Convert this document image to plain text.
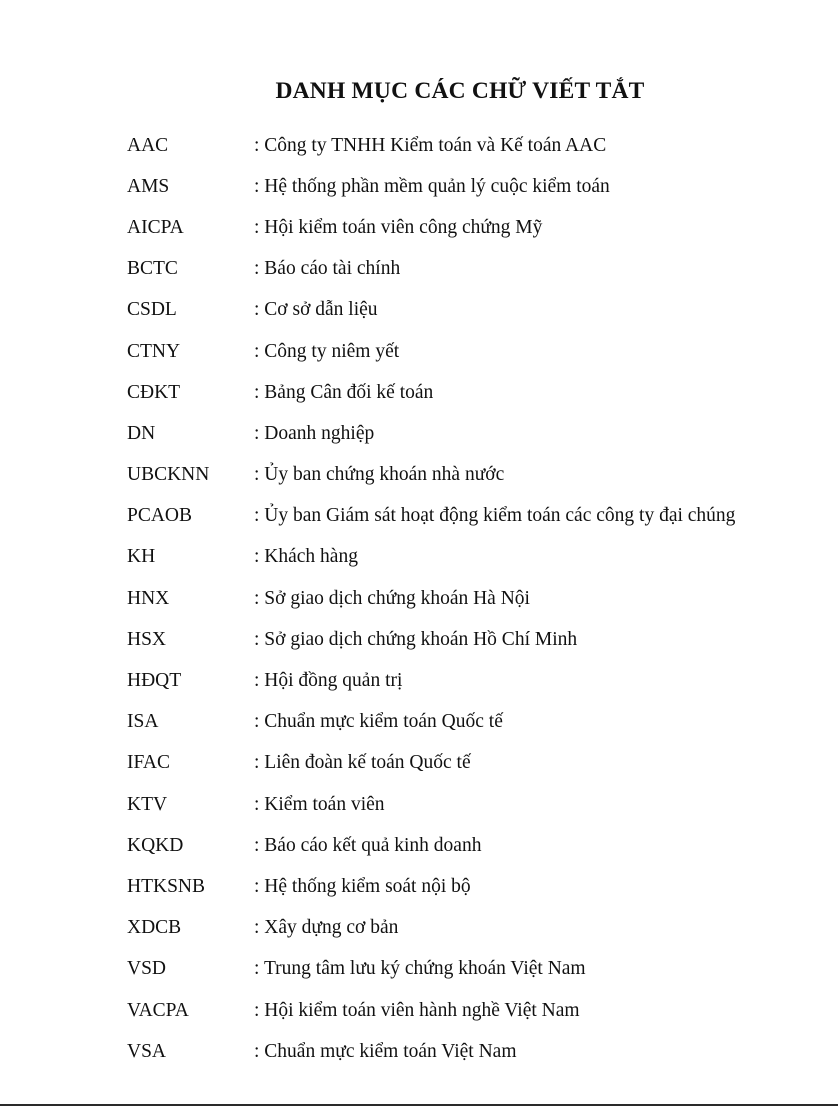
DANH MỤC CÁC CHỮ VIẾT TẮT
AAC	: Công ty TNHH Kiểm toán và Kế toán AAC
AMS	: Hệ thống phần mềm quản lý cuộc kiểm toán
AICPA	: Hội kiểm toán viên công chứng Mỹ
BCTC	: Báo cáo tài chính
CSDL	: Cơ sở dẫn liệu
CTNY	: Công ty niêm yết
CĐKT	: Bảng Cân đối kế toán
DN	: Doanh nghiệp
UBCKNN	: Ủy ban chứng khoán nhà nước
PCAOB	: Ủy ban Giám sát hoạt động kiểm toán các công ty đại chúng
KH	: Khách hàng
HNX	: Sở giao dịch chứng khoán Hà Nội
HSX	: Sở giao dịch chứng khoán Hồ Chí Minh
HĐQT	: Hội đồng quản trị
ISA	: Chuẩn mực kiểm toán Quốc tế
IFAC	: Liên đoàn kế toán Quốc tế
KTV	: Kiểm toán viên
KQKD	: Báo cáo kết quả kinh doanh
HTKSNB	: Hệ thống kiểm soát nội bộ
XDCB	: Xây dựng cơ bản
VSD	: Trung tâm lưu ký chứng khoán Việt Nam
VACPA	: Hội kiểm toán viên hành nghề Việt Nam
VSA	: Chuẩn mực kiểm toán Việt Nam
